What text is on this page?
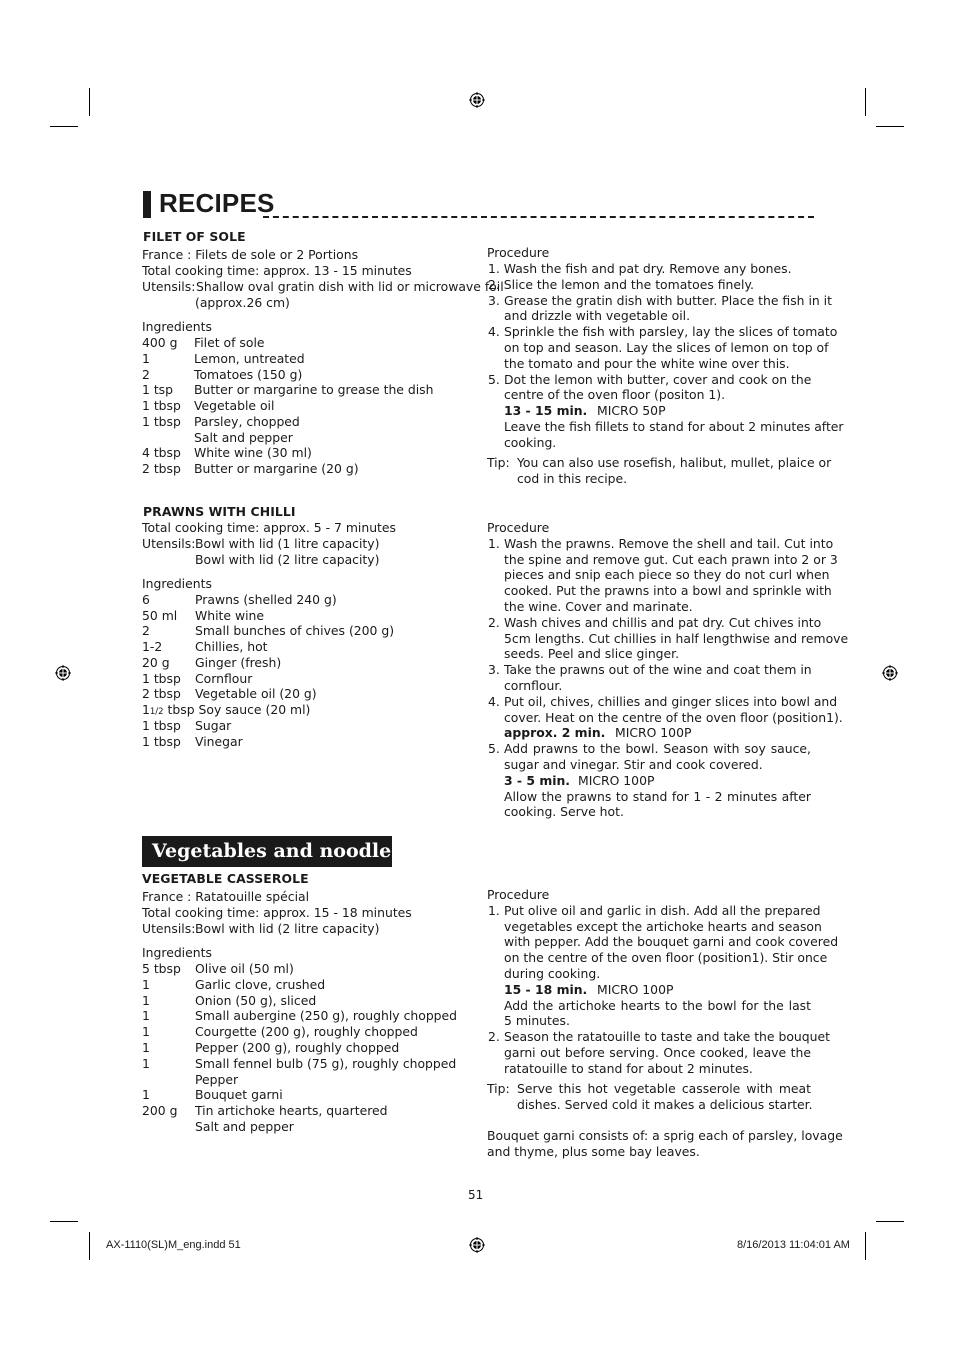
RECIPES
FILET OF SOLE
France : Filets de sole or 2 Portions
Total cooking time: approx. 13 - 15 minutes
Utensils: Shallow oval gratin dish with lid or microwave foil
(approx.26 cm)
Ingredients
400 g Filet of sole
1	Lemon, untreated
2	Tomatoes (150 g)
1 tsp Butter or margarine to grease the dish
1 tbsp Vegetable oil
1 tbsp Parsley, chopped
Salt and pepper
4 tbsp White wine (30 ml)
2 tbsp Butter or margarine (20 g)
Procedure
1. Wash the fish and pat dry. Remove any bones.
2. Slice the lemon and the tomatoes finely.
3. Grease the gratin dish with butter. Place the fish in it
and drizzle with vegetable oil.
4. Sprinkle the fish with parsley, lay the slices of tomato
on top and season. Lay the slices of lemon on top of
the tomato and pour the white wine over this.
5. Dot the lemon with butter, cover and cook on the
centre of the oven floor (positon 1).
13 - 15 min. MICRO 50P
Leave the fish fillets to stand for about 2 minutes after
cooking.
Tip: You can also use rosefish, halibut, mullet, plaice or
cod in this recipe.
PRAWNS WITH CHILLI
Total cooking time: approx. 5 - 7 minutes
Utensils: Bowl with lid (1 litre capacity)
Bowl with lid (2 litre capacity)
Ingredients
6	Prawns (shelled 240 g)
50 ml White wine
2	Small bunches of chives (200 g)
1-2	Chillies, hot
20 g Ginger (fresh)
1 tbsp Cornflour
2 tbsp Vegetable oil (20 g)
11/2 tbsp Soy sauce (20 ml)
1 tbsp Sugar
1 tbsp Vinegar
Procedure
1. Wash the prawns. Remove the shell and tail. Cut into
the spine and remove gut. Cut each prawn into 2 or 3
pieces and snip each piece so they do not curl when
cooked. Put the prawns into a bowl and sprinkle with
the wine. Cover and marinate.
2. Wash chives and chillis and pat dry. Cut chives into
5cm lengths. Cut chillies in half lengthwise and remove
seeds. Peel and slice ginger.
3. Take the prawns out of the wine and coat them in
cornflour.
4. Put oil, chives, chillies and ginger slices into bowl and
cover. Heat on the centre of the oven floor (position1).
approx. 2 min. MICRO 100P
5. Add prawns to the bowl. Season with soy sauce,
sugar and vinegar. Stir and cook covered.
3 - 5 min. MICRO 100P
Allow the prawns to stand for 1 - 2 minutes after
cooking. Serve hot.
Vegetables and noodles
VEGETABLE CASSEROLE
France : Ratatouille spécial
Total cooking time: approx. 15 - 18 minutes
Utensils: Bowl with lid (2 litre capacity)
Ingredients
5 tbsp Olive oil (50 ml)
1	Garlic clove, crushed
1	Onion (50 g), sliced
1	Small aubergine (250 g), roughly chopped
1	Courgette (200 g), roughly chopped
1	Pepper (200 g), roughly chopped
1	Small fennel bulb (75 g), roughly chopped
Pepper
1	Bouquet garni
200 g Tin artichoke hearts, quartered
Salt and pepper
Procedure
1. Put olive oil and garlic in dish. Add all the prepared
vegetables except the artichoke hearts and season
with pepper. Add the bouquet garni and cook covered
on the centre of the oven floor (position1). Stir once
during cooking.
15 - 18 min. MICRO 100P
Add the artichoke hearts to the bowl for the last
5 minutes.
2. Season the ratatouille to taste and take the bouquet
garni out before serving. Once cooked, leave the
ratatouille to stand for about 2 minutes.
Tip: Serve this hot vegetable casserole with meat
dishes. Served cold it makes a delicious starter.
Bouquet garni consists of: a sprig each of parsley, lovage
and thyme, plus some bay leaves.
51
AX-1110(SL)M_eng.indd 51	8/16/2013 11:04:01 AM
